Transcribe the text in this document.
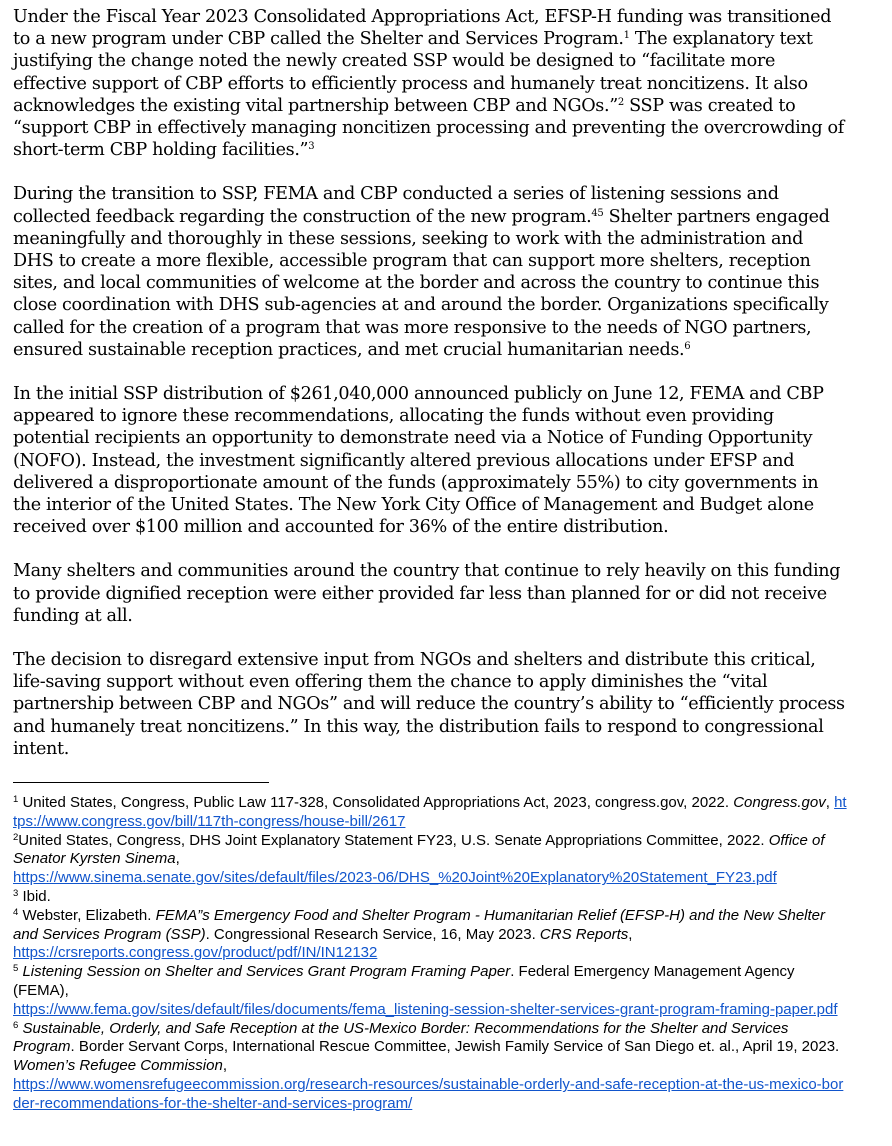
Under the Fiscal Year 2023 Consolidated Appropriations Act, EFSP-H funding was transitioned to a new program under CBP called the Shelter and Services Program.$^1$ The explanatory text justifying the change noted the newly created SSP would be designed to “facilitate more effective support of CBP efforts to efficiently process and humanely treat noncitizens. It also acknowledges the existing vital partnership between CBP and NGOs.”$^2$ SSP was created to “support CBP in effectively managing noncitizen processing and preventing the overcrowding of short-term CBP holding facilities.”$^3$

During the transition to SSP, FEMA and CBP conducted a series of listening sessions and collected feedback regarding the construction of the new program.$^{45}$ Shelter partners engaged meaningfully and thoroughly in these sessions, seeking to work with the administration and DHS to create a more flexible, accessible program that can support more shelters, reception sites, and local communities of welcome at the border and across the country to continue this close coordination with DHS sub-agencies at and around the border. Organizations specifically called for the creation of a program that was more responsive to the needs of NGO partners, ensured sustainable reception practices, and met crucial humanitarian needs.$^6$

In the initial SSP distribution of $261,040,000 announced publicly on June 12, FEMA and CBP appeared to ignore these recommendations, allocating the funds without even providing potential recipients an opportunity to demonstrate need via a Notice of Funding Opportunity (NOFO). Instead, the investment significantly altered previous allocations under EFSP and delivered a disproportionate amount of the funds (approximately 55%) to city governments in the interior of the United States. The New York City Office of Management and Budget alone received over $100 million and accounted for 36% of the entire distribution.

Many shelters and communities around the country that continue to rely heavily on this funding to provide dignified reception were either provided far less than planned for or did not receive funding at all.

The decision to disregard extensive input from NGOs and shelters and distribute this critical, life-saving support without even offering them the chance to apply diminishes the “vital partnership between CBP and NGOs” and will reduce the country’s ability to “efficiently process and humanely treat noncitizens.” In this way, the distribution fails to respond to congressional intent.

$^1$ United States, Congress, Public Law 117-328, Consolidated Appropriations Act, 2023, congress.gov, 2022. Congress.gov, https://www.congress.gov/bill/117th-congress/house-bill/2617

$^2$United States, Congress, DHS Joint Explanatory Statement FY23, U.S. Senate Appropriations Committee, 2022. Office of Senator Kyrsten Sinema,
https://www.sinema.senate.gov/sites/default/files/2023-06/DHS_%20Joint%20Explanatory%20Statement_FY23.pdf

$^3$ Ibid.

$^4$ Webster, Elizabeth. FEMA”s Emergency Food and Shelter Program - Humanitarian Relief (EFSP-H) and the New Shelter and Services Program (SSP). Congressional Research Service, 16, May 2023. CRS Reports,
https://crsreports.congress.gov/product/pdf/IN/IN12132

$^5$ Listening Session on Shelter and Services Grant Program Framing Paper. Federal Emergency Management Agency (FEMA),
https://www.fema.gov/sites/default/files/documents/fema_listening-session-shelter-services-grant-program-framing-paper.pdf

$^6$ Sustainable, Orderly, and Safe Reception at the US-Mexico Border: Recommendations for the Shelter and Services Program. Border Servant Corps, International Rescue Committee, Jewish Family Service of San Diego et. al., April 19, 2023. Women’s Refugee Commission,
https://www.womensrefugeecommission.org/research-resources/sustainable-orderly-and-safe-reception-at-the-us-mexico-border-recommendations-for-the-shelter-and-services-program/
